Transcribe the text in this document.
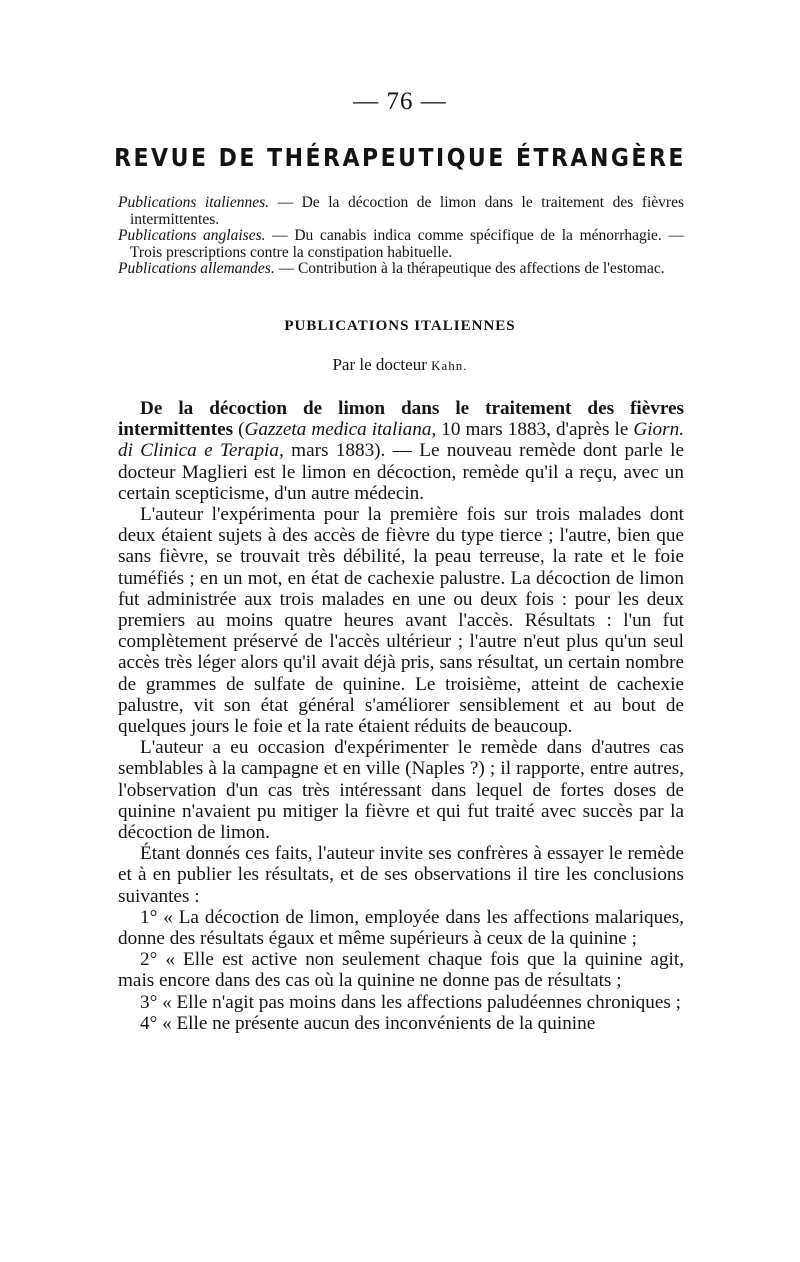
— 76 —
REVUE DE THÉRAPEUTIQUE ÉTRANGÈRE

Publications italiennes. — De la décoction de limon dans le traitement des fièvres intermittentes.

Publications anglaises. — Du canabis indica comme spécifique de la ménorrhagie. — Trois prescriptions contre la constipation habituelle.

Publications allemandes. — Contribution à la thérapeutique des affections de l'estomac.

PUBLICATIONS ITALIENNES
Par le docteur Kahn.

De la décoction de limon dans le traitement des fièvres intermittentes (Gazzeta medica italiana, 10 mars 1883, d'après le Giorn. di Clinica e Terapia, mars 1883). — Le nouveau remède dont parle le docteur Maglieri est le limon en décoction, remède qu'il a reçu, avec un certain scepticisme, d'un autre médecin.

L'auteur l'expérimenta pour la première fois sur trois malades dont deux étaient sujets à des accès de fièvre du type tierce ; l'autre, bien que sans fièvre, se trouvait très débilité, la peau terreuse, la rate et le foie tuméfiés ; en un mot, en état de cachexie palustre. La décoction de limon fut administrée aux trois malades en une ou deux fois : pour les deux premiers au moins quatre heures avant l'accès. Résultats : l'un fut complètement préservé de l'accès ultérieur ; l'autre n'eut plus qu'un seul accès très léger alors qu'il avait déjà pris, sans résultat, un certain nombre de grammes de sulfate de quinine. Le troisième, atteint de cachexie palustre, vit son état général s'améliorer sensiblement et au bout de quelques jours le foie et la rate étaient réduits de beaucoup.

L'auteur a eu occasion d'expérimenter le remède dans d'autres cas semblables à la campagne et en ville (Naples ?) ; il rapporte, entre autres, l'observation d'un cas très intéressant dans lequel de fortes doses de quinine n'avaient pu mitiger la fièvre et qui fut traité avec succès par la décoction de limon.

Étant donnés ces faits, l'auteur invite ses confrères à essayer le remède et à en publier les résultats, et de ses observations il tire les conclusions suivantes :

1° « La décoction de limon, employée dans les affections malariques, donne des résultats égaux et même supérieurs à ceux de la quinine ;

2° « Elle est active non seulement chaque fois que la quinine agit, mais encore dans des cas où la quinine ne donne pas de résultats ;

3° « Elle n'agit pas moins dans les affections paludéennes chroniques ;

4° « Elle ne présente aucun des inconvénients de la quinine
